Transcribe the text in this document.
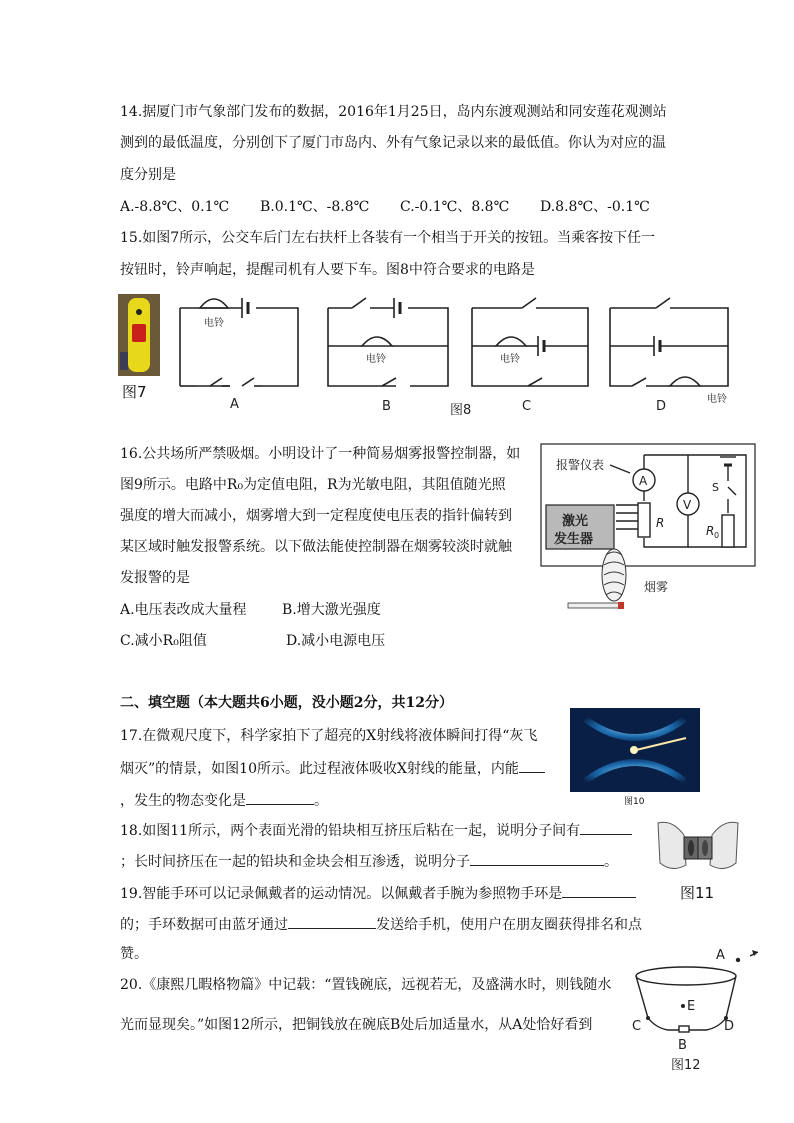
14.据厦门市气象部门发布的数据，2016年1月25日，岛内东渡观测站和同安莲花观测站
测到的最低温度，分别创下了厦门市岛内、外有气象记录以来的最低值。你认为对应的温
度分别是
A.-8.8℃、0.1℃ B.0.1℃、-8.8℃ C.-0.1℃、8.8℃ D.8.8℃、-0.1℃
15.如图7所示，公交车后门左右扶杆上各装有一个相当于开关的按钮。当乘客按下任一
按钮时，铃声响起，提醒司机有人要下车。图8中符合要求的电路是
图7
电铃
电铃	电铃
电铃
A	B	C	D
图8
16.公共场所严禁吸烟。小明设计了一种简易烟雾报警控制器，如
图9所示。电路中R₀为定值电阻，R为光敏电阻，其阻值随光照
强度的增大而减小，烟雾增大到一定程度使电压表的指针偏转到
某区域时触发报警系统。以下做法能使控制器在烟雾较淡时就触
发报警的是
A.电压表改成大量程	B.增大激光强度
C.减小R₀阻值	D.减小电源电压
报警仪表
A
V
S
R
R 0
激光
发生器
烟雾
二、填空题（本大题共6小题，没小题2分，共12分）
17.在微观尺度下，科学家拍下了超亮的X射线将液体瞬间打得“灰飞
烟灭”的情景，如图10所示。此过程液体吸收X射线的能量，内能
，发生的物态变化是	。	图10
18.如图11所示，两个表面光滑的铅块相互挤压后粘在一起，说明分子间有
；长时间挤压在一起的铅块和金块会相互渗透，说明分子	。
图11
19.智能手环可以记录佩戴者的运动情况。以佩戴者手腕为参照物手环是
的；手环数据可由蓝牙通过	发送给手机，使用户在朋友圈获得排名和点
赞。
20.《康熙几暇格物篇》中记载：“置钱碗底，远视若无，及盛满水时，则钱随水
光而显现矣。”如图12所示，把铜钱放在碗底B处后加适量水，从A处恰好看到
A
B
C	D
E
图12
